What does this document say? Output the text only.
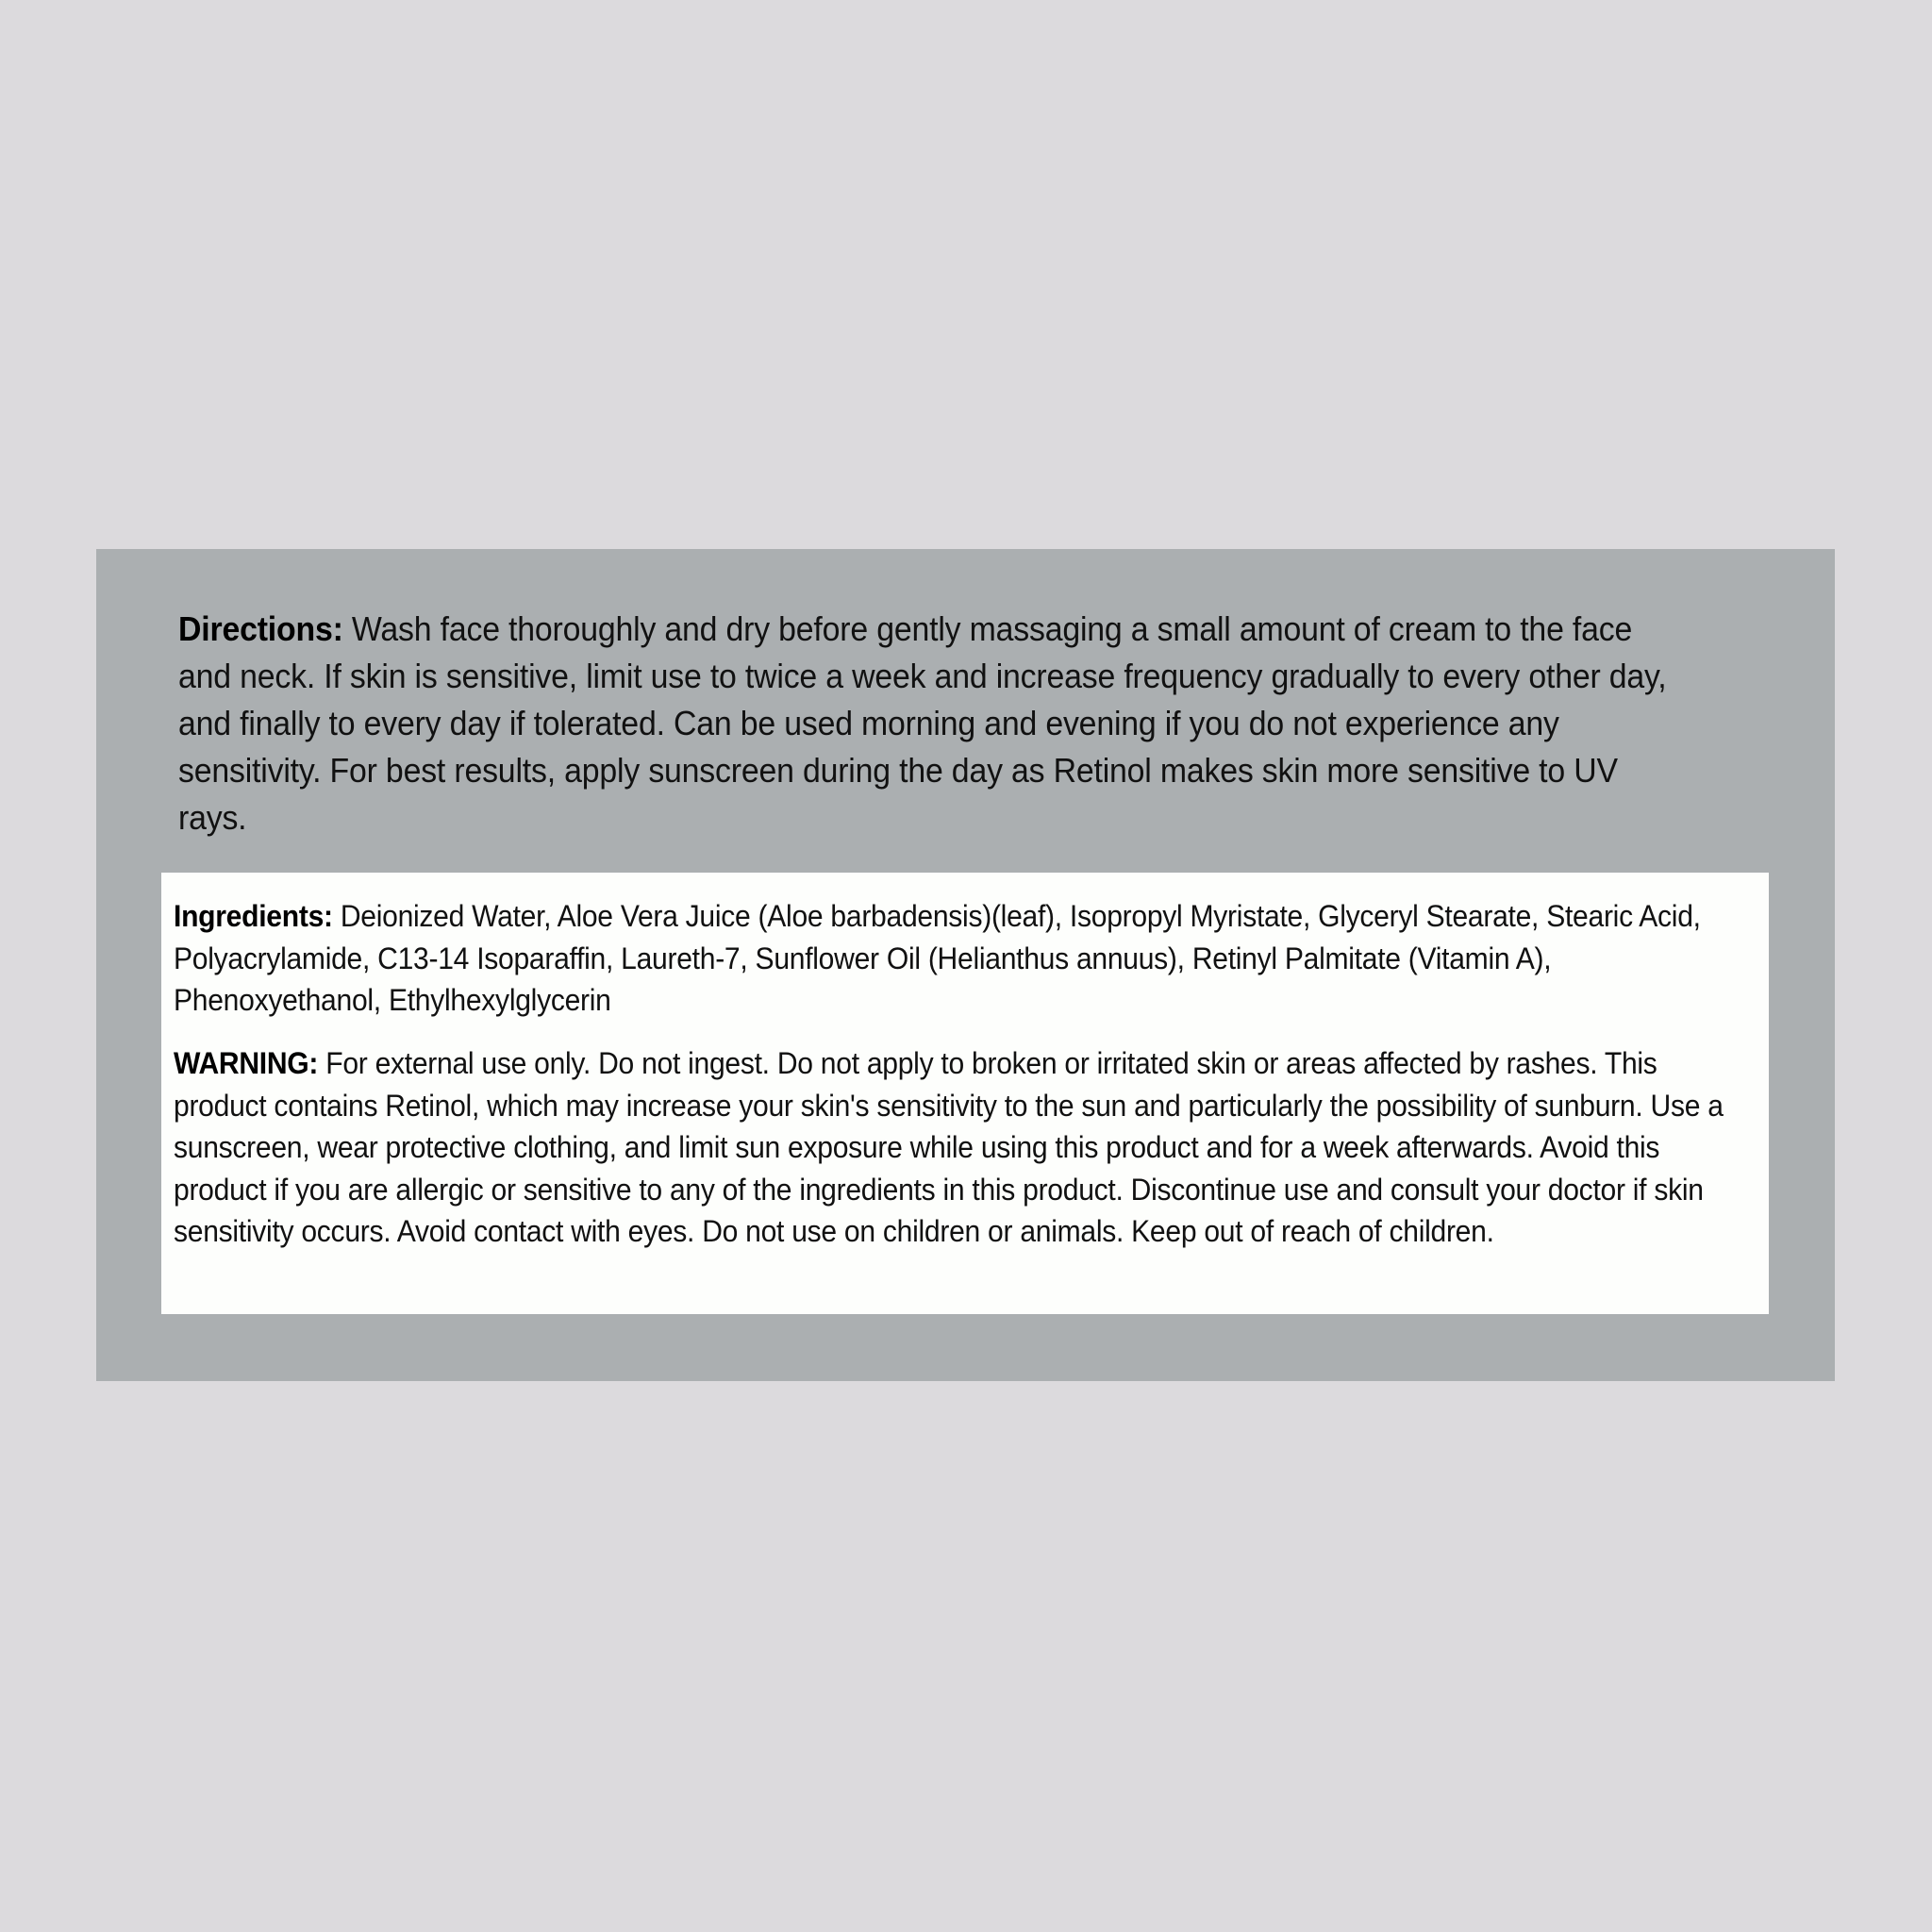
Directions: Wash face thoroughly and dry before gently massaging a small amount of cream to the face and neck. If skin is sensitive, limit use to twice a week and increase frequency gradually to every other day, and finally to every day if tolerated. Can be used morning and evening if you do not experience any sensitivity. For best results, apply sunscreen during the day as Retinol makes skin more sensitive to UV rays.

Ingredients: Deionized Water, Aloe Vera Juice (Aloe barbadensis)(leaf), Isopropyl Myristate, Glyceryl Stearate, Stearic Acid, Polyacrylamide, C13-14 Isoparaffin, Laureth-7, Sunflower Oil (Helianthus annuus), Retinyl Palmitate (Vitamin A), Phenoxyethanol, Ethylhexylglycerin

WARNING: For external use only. Do not ingest. Do not apply to broken or irritated skin or areas affected by rashes. This product contains Retinol, which may increase your skin's sensitivity to the sun and particularly the possibility of sunburn. Use a sunscreen, wear protective clothing, and limit sun exposure while using this product and for a week afterwards. Avoid this product if you are allergic or sensitive to any of the ingredients in this product. Discontinue use and consult your doctor if skin sensitivity occurs. Avoid contact with eyes. Do not use on children or animals. Keep out of reach of children.
